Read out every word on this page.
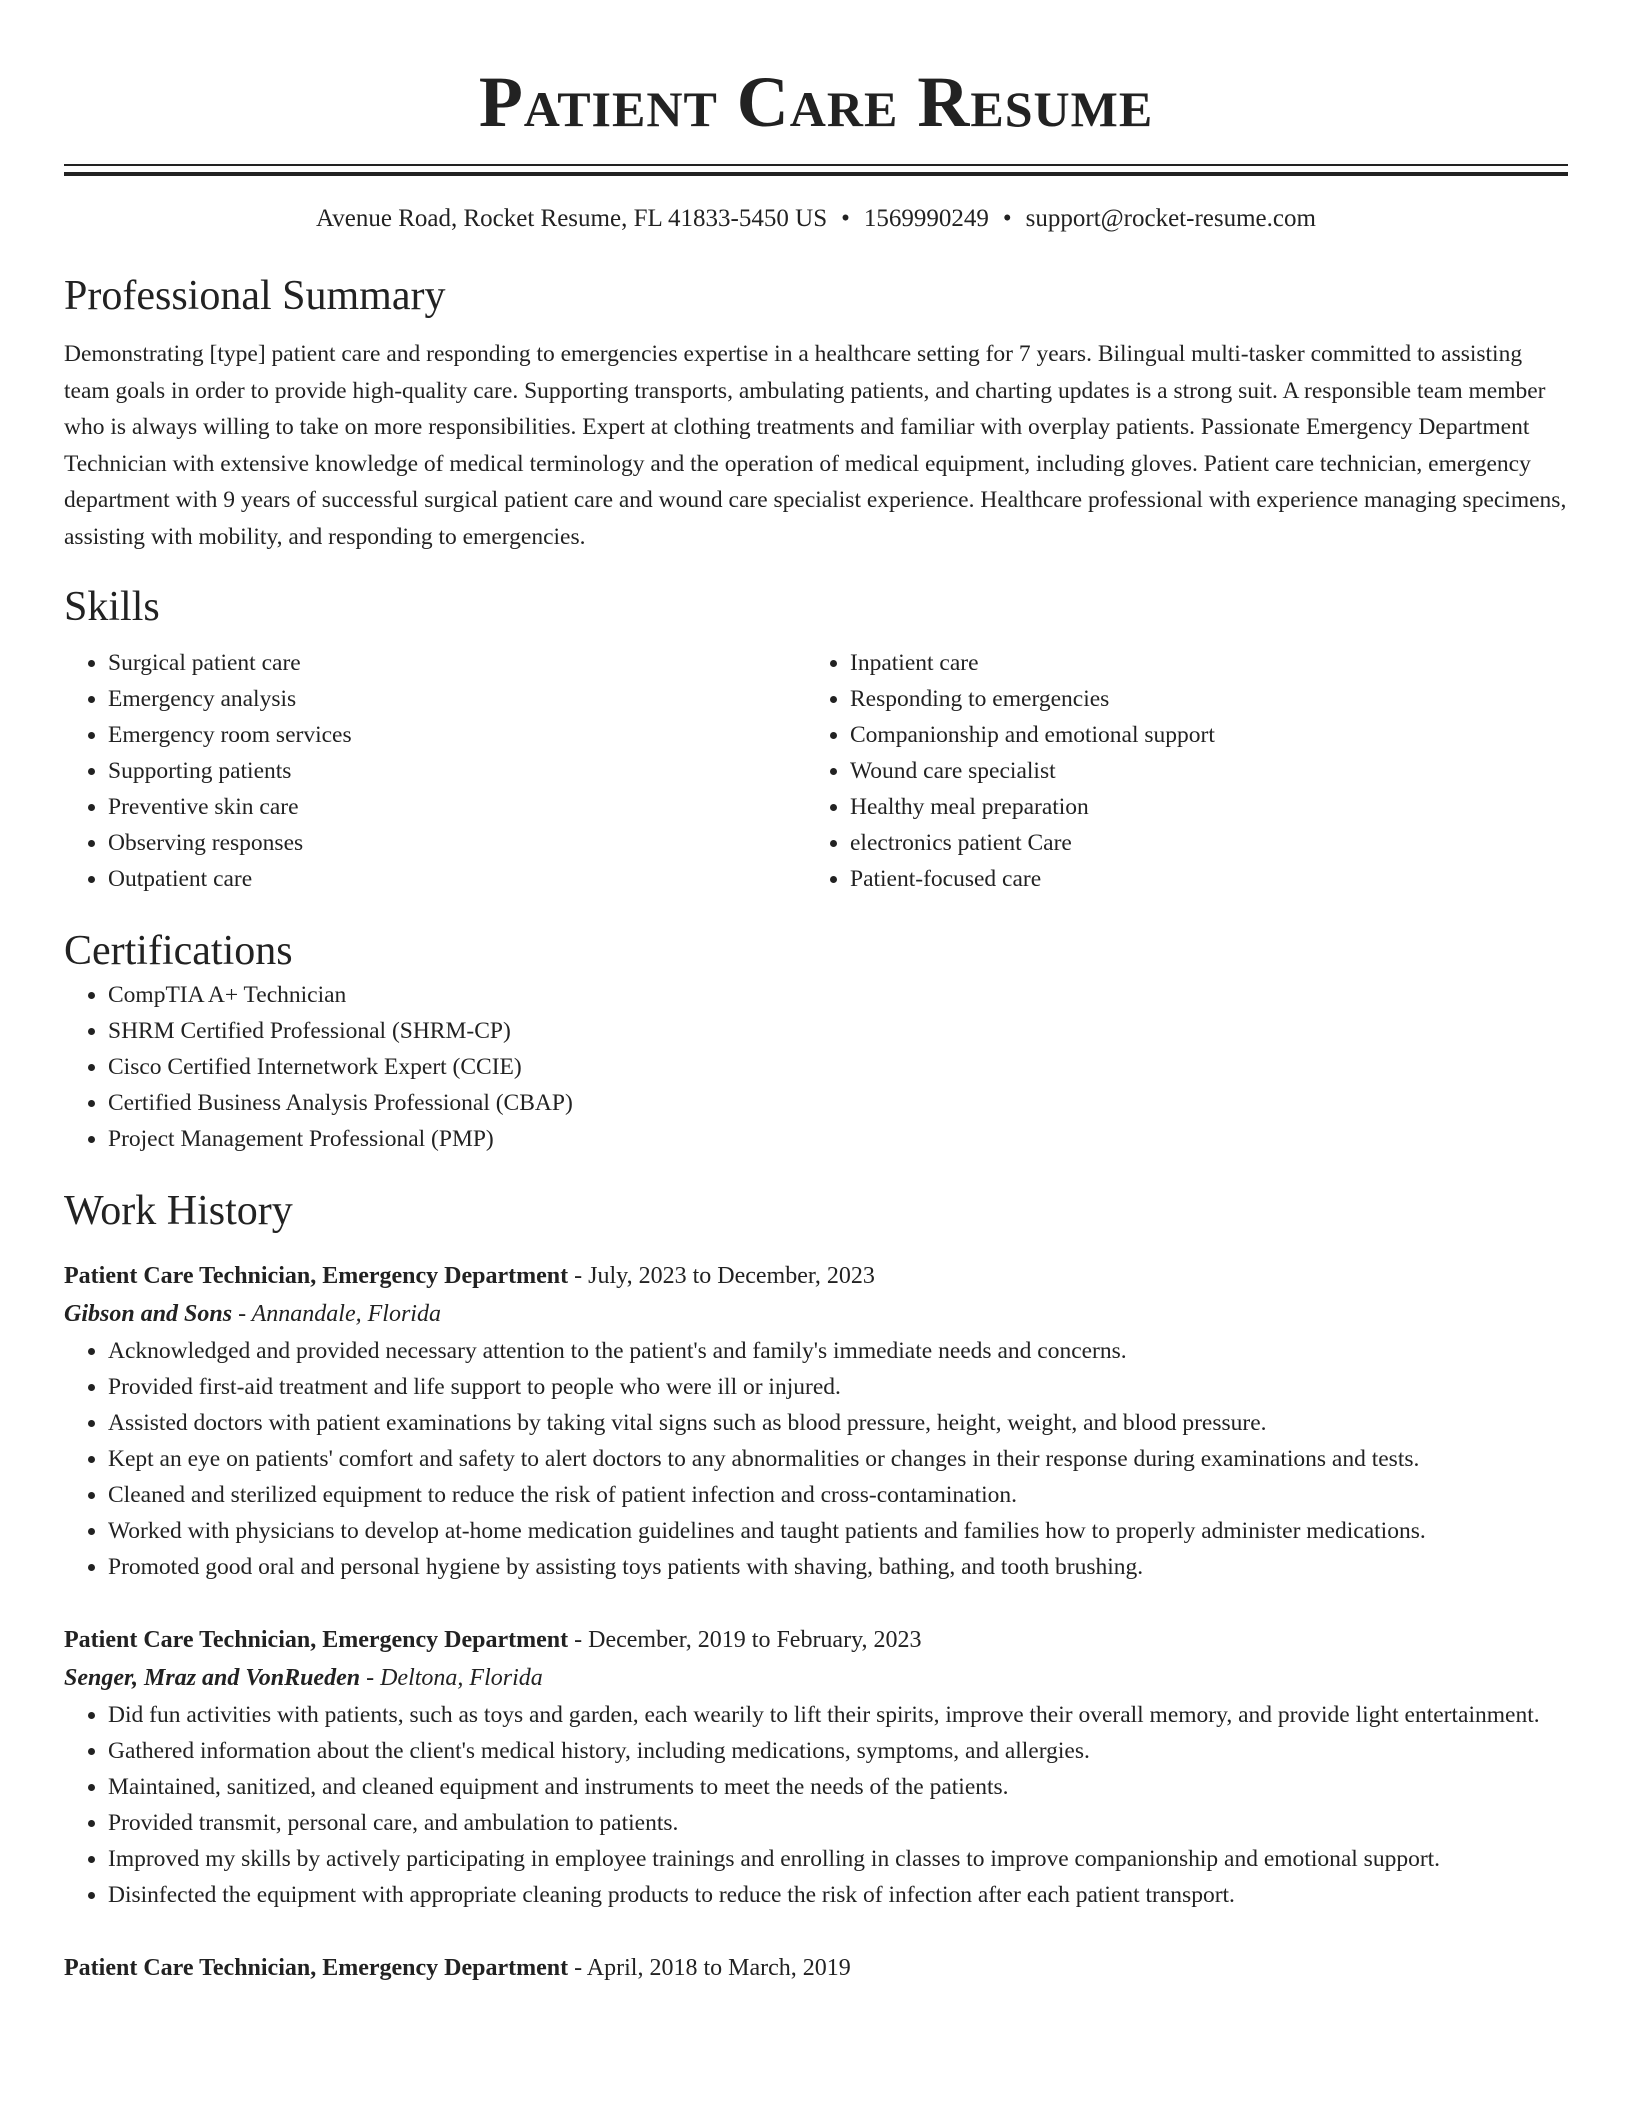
Patient Care Resume
Avenue Road, Rocket Resume, FL 41833-5450 US • 1569990249 • support@rocket-resume.com
Professional Summary

Demonstrating [type] patient care and responding to emergencies expertise in a healthcare setting for 7 years. Bilingual multi-tasker committed to assisting team goals in order to provide high-quality care. Supporting transports, ambulating patients, and charting updates is a strong suit. A responsible team member who is always willing to take on more responsibilities. Expert at clothing treatments and familiar with overplay patients. Passionate Emergency Department Technician with extensive knowledge of medical terminology and the operation of medical equipment, including gloves. Patient care technician, emergency department with 9 years of successful surgical patient care and wound care specialist experience. Healthcare professional with experience managing specimens, assisting with mobility, and responding to emergencies.

Skills
• Surgical patient care
• Emergency analysis
• Emergency room services
• Supporting patients
• Preventive skin care
• Observing responses
• Outpatient care
• Inpatient care
• Responding to emergencies
• Companionship and emotional support
• Wound care specialist
• Healthy meal preparation
• electronics patient Care
• Patient-focused care
Certifications
• CompTIA A+ Technician
• SHRM Certified Professional (SHRM-CP)
• Cisco Certified Internetwork Expert (CCIE)
• Certified Business Analysis Professional (CBAP)
• Project Management Professional (PMP)
Work History
Patient Care Technician, Emergency Department - July, 2023 to December, 2023
Gibson and Sons - Annandale, Florida
• Acknowledged and provided necessary attention to the patient's and family's immediate needs and concerns.
• Provided first-aid treatment and life support to people who were ill or injured.
• Assisted doctors with patient examinations by taking vital signs such as blood pressure, height, weight, and blood pressure.
• Kept an eye on patients' comfort and safety to alert doctors to any abnormalities or changes in their response during examinations and tests.
• Cleaned and sterilized equipment to reduce the risk of patient infection and cross-contamination.
• Worked with physicians to develop at-home medication guidelines and taught patients and families how to properly administer medications.
• Promoted good oral and personal hygiene by assisting toys patients with shaving, bathing, and tooth brushing.
Patient Care Technician, Emergency Department - December, 2019 to February, 2023
Senger, Mraz and VonRueden - Deltona, Florida
• Did fun activities with patients, such as toys and garden, each wearily to lift their spirits, improve their overall memory, and provide light entertainment.
• Gathered information about the client's medical history, including medications, symptoms, and allergies.
• Maintained, sanitized, and cleaned equipment and instruments to meet the needs of the patients.
• Provided transmit, personal care, and ambulation to patients.
• Improved my skills by actively participating in employee trainings and enrolling in classes to improve companionship and emotional support.
• Disinfected the equipment with appropriate cleaning products to reduce the risk of infection after each patient transport.
Patient Care Technician, Emergency Department - April, 2018 to March, 2019
